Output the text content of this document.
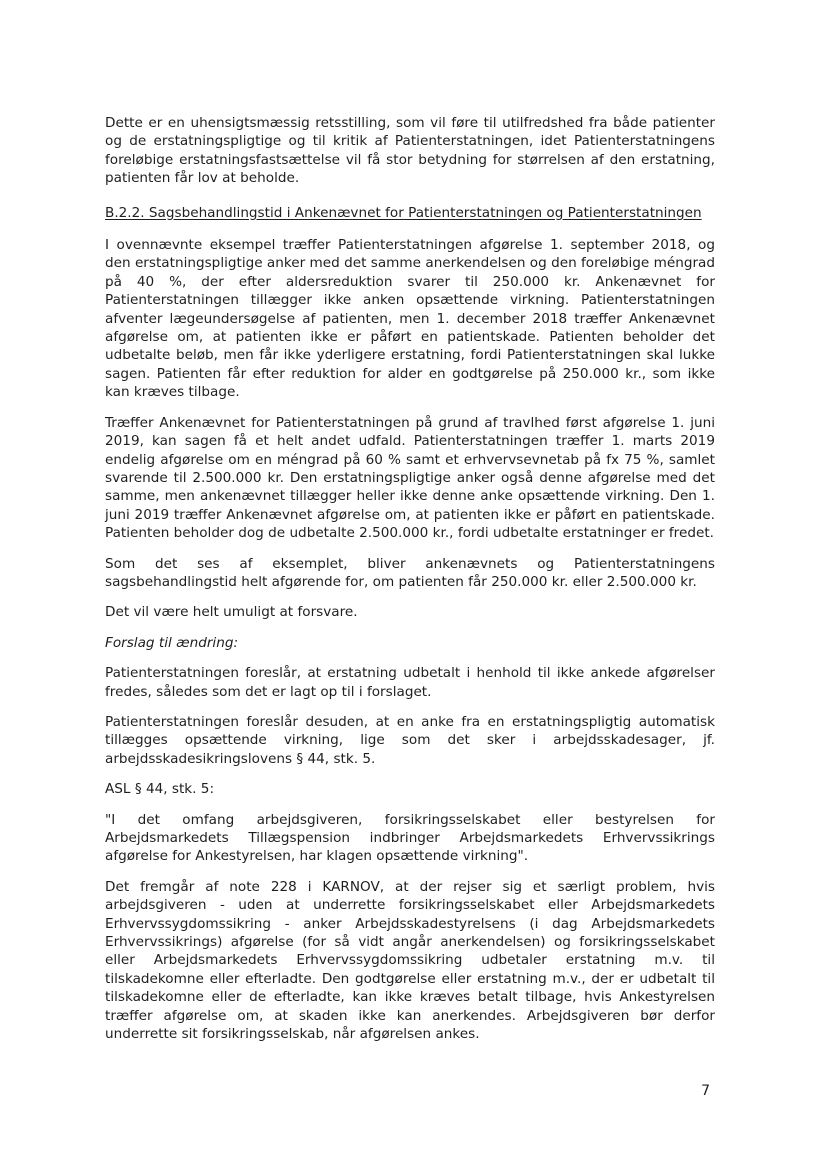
Dette er en uhensigtsmæssig retsstilling, som vil føre til utilfredshed fra både patienter og de erstatningspligtige og til kritik af Patienterstatningen, idet Patienterstatningens foreløbige erstatningsfastsættelse vil få stor betydning for størrelsen af den erstatning, patienten får lov at beholde.

B.2.2. Sagsbehandlingstid i Ankenævnet for Patienterstatningen og Patienterstatningen

I ovennævnte eksempel træffer Patienterstatningen afgørelse 1. september 2018, og den erstatningspligtige anker med det samme anerkendelsen og den foreløbige méngrad på 40 %, der efter aldersreduktion svarer til 250.000 kr. Ankenævnet for Patienterstatningen tillægger ikke anken opsættende virkning. Patienterstatningen afventer lægeundersøgelse af patienten, men 1. december 2018 træffer Ankenævnet afgørelse om, at patienten ikke er påført en patientskade. Patienten beholder det udbetalte beløb, men får ikke yderligere erstatning, fordi Patienterstatningen skal lukke sagen. Patienten får efter reduktion for alder en godtgørelse på 250.000 kr., som ikke kan kræves tilbage.

Træffer Ankenævnet for Patienterstatningen på grund af travlhed først afgørelse 1. juni 2019, kan sagen få et helt andet udfald. Patienterstatningen træffer 1. marts 2019 endelig afgørelse om en méngrad på 60 % samt et erhvervsevnetab på fx 75 %, samlet svarende til 2.500.000 kr. Den erstatningspligtige anker også denne afgørelse med det samme, men ankenævnet tillægger heller ikke denne anke opsættende virkning. Den 1. juni 2019 træffer Ankenævnet afgørelse om, at patienten ikke er påført en patientskade. Patienten beholder dog de udbetalte 2.500.000 kr., fordi udbetalte erstatninger er fredet.

Som det ses af eksemplet, bliver ankenævnets og Patienterstatningens sagsbehandlingstid helt afgørende for, om patienten får 250.000 kr. eller 2.500.000 kr.

Det vil være helt umuligt at forsvare.

Forslag til ændring:

Patienterstatningen foreslår, at erstatning udbetalt i henhold til ikke ankede afgørelser fredes, således som det er lagt op til i forslaget.

Patienterstatningen foreslår desuden, at en anke fra en erstatningspligtig automatisk tillægges opsættende virkning, lige som det sker i arbejdsskadesager, jf. arbejdsskadesikringslovens § 44, stk. 5.

ASL § 44, stk. 5:

"I det omfang arbejdsgiveren, forsikringsselskabet eller bestyrelsen for Arbejdsmarkedets Tillægspension indbringer Arbejdsmarkedets Erhvervssikrings afgørelse for Ankestyrelsen, har klagen opsættende virkning".

Det fremgår af note 228 i KARNOV, at der rejser sig et særligt problem, hvis arbejdsgiveren - uden at underrette forsikringsselskabet eller Arbejdsmarkedets Erhvervssygdomssikring - anker Arbejdsskadestyrelsens (i dag Arbejdsmarkedets Erhvervssikrings) afgørelse (for så vidt angår anerkendelsen) og forsikringsselskabet eller Arbejdsmarkedets Erhvervssygdomssikring udbetaler erstatning m.v. til tilskadekomne eller efterladte. Den godtgørelse eller erstatning m.v., der er udbetalt til tilskadekomne eller de efterladte, kan ikke kræves betalt tilbage, hvis Ankestyrelsen træffer afgørelse om, at skaden ikke kan anerkendes. Arbejdsgiveren bør derfor underrette sit forsikringsselskab, når afgørelsen ankes.

7
